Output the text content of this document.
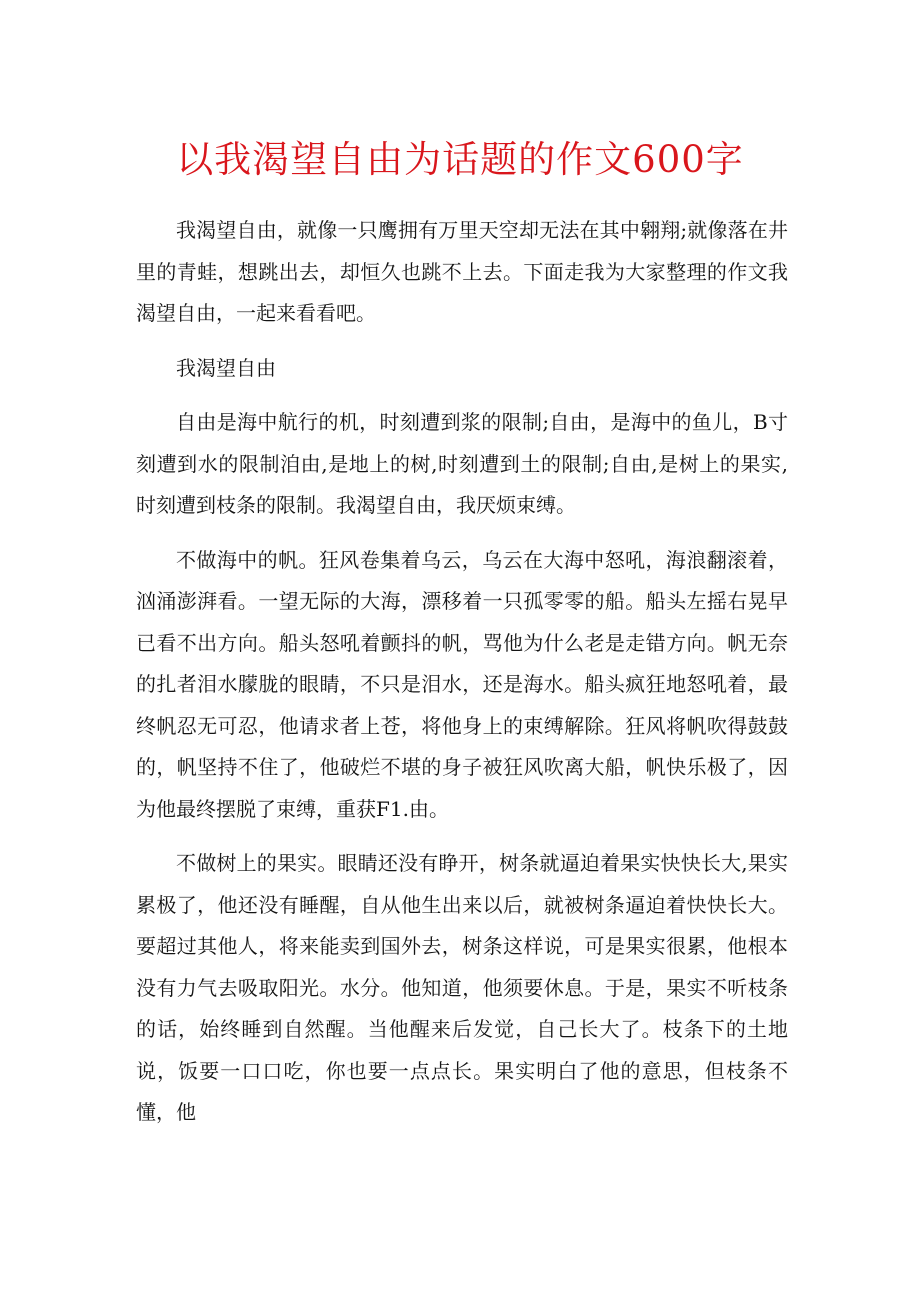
以我渴望自由为话题的作文600字

我渴望自由，就像一只鹰拥有万里天空却无法在其中翱翔;就像落在井里的青蛙，想跳出去，却恒久也跳不上去。下面走我为大家整理的作文我渴望自由，一起来看看吧。

我渴望自由

自由是海中航行的机，时刻遭到浆的限制;自由，是海中的鱼儿，B寸刻遭到水的限制洎由,是地上的树,时刻遭到土的限制;自由,是树上的果实,时刻遭到枝条的限制。我渴望自由，我厌烦束缚。

不做海中的帆。狂风卷集着乌云，乌云在大海中怒吼，海浪翻滚着，汹涌澎湃看。一望无际的大海，漂移着一只孤零零的船。船头左摇右晃早已看不出方向。船头怒吼着颤抖的帆，骂他为什么老是走错方向。帆无奈的扎者泪水朦胧的眼睛，不只是泪水，还是海水。船头疯狂地怒吼着，最终帆忍无可忍，他请求者上苍，将他身上的束缚解除。狂风将帆吹得鼓鼓的，帆坚持不住了，他破烂不堪的身子被狂风吹离大船，帆快乐极了，因为他最终摆脱了束缚，重获F1.由。

不做树上的果实。眼睛还没有睁开，树条就逼迫着果实快快长大,果实累极了，他还没有睡醒，自从他生出来以后，就被树条逼迫着快快长大。要超过其他人，将来能卖到国外去，树条这样说，可是果实很累，他根本没有力气去吸取阳光。水分。他知道，他须要休息。于是，果实不听枝条的话，始终睡到自然醒。当他醒来后发觉，自己长大了。枝条下的土地说，饭要一口口吃，你也要一点点长。果实明白了他的意思，但枝条不懂，他
